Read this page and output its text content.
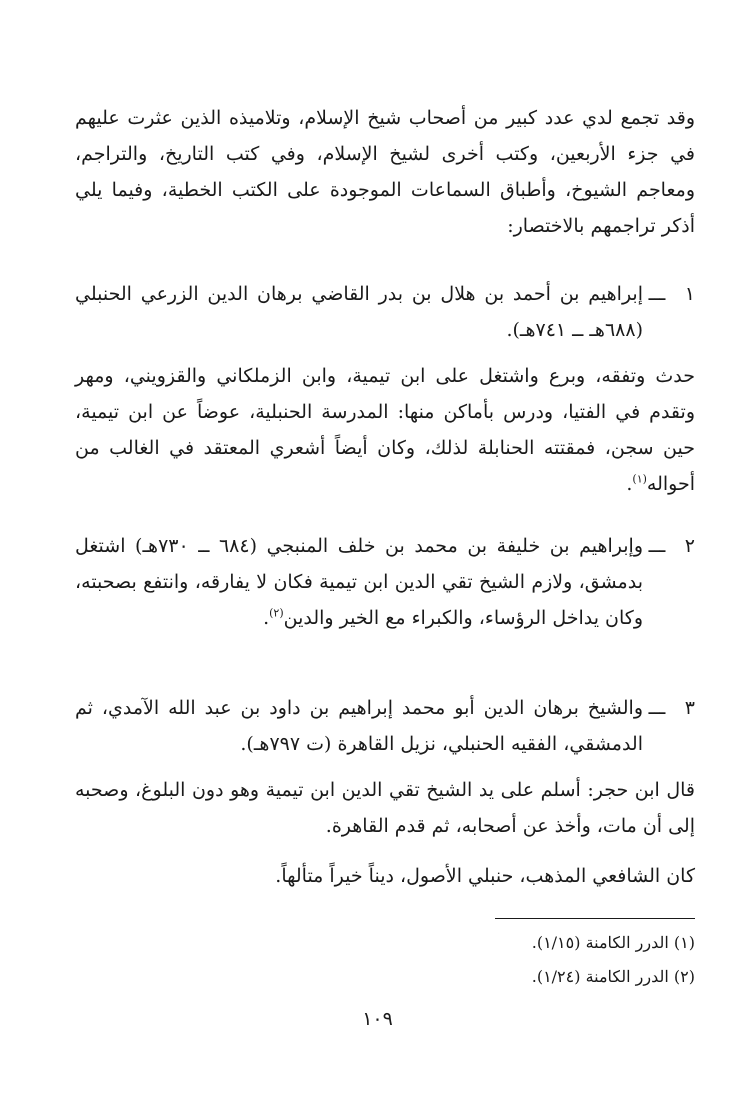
وقد تجمع لدي عدد كبير من أصحاب شيخ الإسلام، وتلاميذه الذين عثرت عليهم في جزء الأربعين، وكتب أخرى لشيخ الإسلام، وفي كتب التاريخ، والتراجم، ومعاجم الشيوخ، وأطباق السماعات الموجودة على الكتب الخطية، وفيما يلي أذكر تراجمهم بالاختصار:

١
ـــ
إبراهيم بن أحمد بن هلال بن بدر القاضي برهان الدين الزرعي الحنبلي (٦٨٨هـ ــ ٧٤١هـ).

حدث وتفقه، وبرع واشتغل على ابن تيمية، وابن الزملكاني والقزويني، ومهر وتقدم في الفتيا، ودرس بأماكن منها: المدرسة الحنبلية، عوضاً عن ابن تيمية، حين سجن، فمقتته الحنابلة لذلك، وكان أيضاً أشعري المعتقد في الغالب من أحواله$^{(١)}$.

٢
ـــ
وإبراهيم بن خليفة بن محمد بن خلف المنبجي (٦٨٤ ــ ٧٣٠هـ) اشتغل بدمشق، ولازم الشيخ تقي الدين ابن تيمية فكان لا يفارقه، وانتفع بصحبته، وكان يداخل الرؤساء، والكبراء مع الخير والدين$^{(٢)}$.
٣
ـــ
والشيخ برهان الدين أبو محمد إبراهيم بن داود بن عبد الله الآمدي، ثم الدمشقي، الفقيه الحنبلي، نزيل القاهرة (ت ٧٩٧هـ).

قال ابن حجر: أسلم على يد الشيخ تقي الدين ابن تيمية وهو دون البلوغ، وصحبه إلى أن مات، وأخذ عن أصحابه، ثم قدم القاهرة.

كان الشافعي المذهب، حنبلي الأصول، ديناً خيراً متألهاً.

(١) الدرر الكامنة (١/١٥).
(٢) الدرر الكامنة (١/٢٤).
١٠٩
